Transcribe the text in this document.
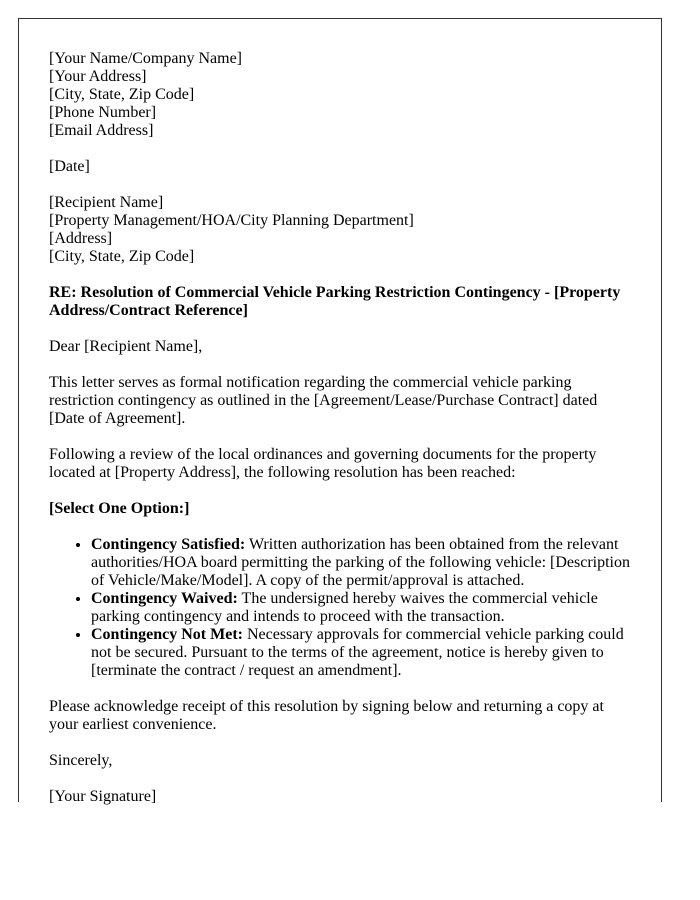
[Your Name/Company Name]
[Your Address]
[City, State, Zip Code]
[Phone Number]
[Email Address]

[Date]

[Recipient Name]
[Property Management/HOA/City Planning Department]
[Address]
[City, State, Zip Code]

RE: Resolution of Commercial Vehicle Parking Restriction Contingency - [Property Address/Contract Reference]

Dear [Recipient Name],

This letter serves as formal notification regarding the commercial vehicle parking restriction contingency as outlined in the [Agreement/Lease/Purchase Contract] dated [Date of Agreement].

Following a review of the local ordinances and governing documents for the property located at [Property Address], the following resolution has been reached:

[Select One Option:]

• Contingency Satisfied: Written authorization has been obtained from the relevant authorities/HOA board permitting the parking of the following vehicle: [Description of Vehicle/Make/Model]. A copy of the permit/approval is attached.
• Contingency Waived: The undersigned hereby waives the commercial vehicle parking contingency and intends to proceed with the transaction.
• Contingency Not Met: Necessary approvals for commercial vehicle parking could not be secured. Pursuant to the terms of the agreement, notice is hereby given to [terminate the contract / request an amendment].

Please acknowledge receipt of this resolution by signing below and returning a copy at your earliest convenience.

Sincerely,

[Your Signature]
